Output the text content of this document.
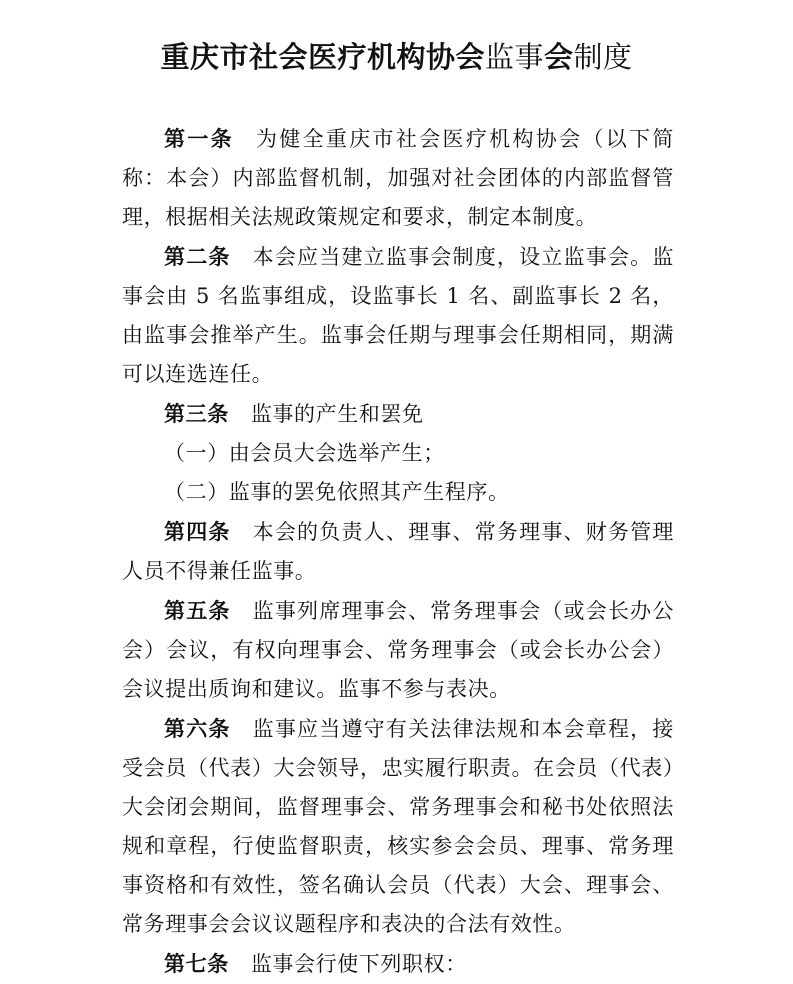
重庆市社会医疗机构协会监事会制度

第一条 为健全重庆市社会医疗机构协会（以下简称：本会）内部监督机制，加强对社会团体的内部监督管理，根据相关法规政策规定和要求，制定本制度。

第二条 本会应当建立监事会制度，设立监事会。监事会由 5 名监事组成，设监事长 1 名、副监事长 2 名，由监事会推举产生。监事会任期与理事会任期相同，期满可以连选连任。

第三条 监事的产生和罢免

（一）由会员大会选举产生；

（二）监事的罢免依照其产生程序。

第四条 本会的负责人、理事、常务理事、财务管理人员不得兼任监事。

第五条 监事列席理事会、常务理事会（或会长办公会）会议，有权向理事会、常务理事会（或会长办公会）会议提出质询和建议。监事不参与表决。

第六条 监事应当遵守有关法律法规和本会章程，接受会员（代表）大会领导，忠实履行职责。在会员（代表）大会闭会期间，监督理事会、常务理事会和秘书处依照法规和章程，行使监督职责，核实参会会员、理事、常务理事资格和有效性，签名确认会员（代表）大会、理事会、常务理事会会议议题程序和表决的合法有效性。

第七条 监事会行使下列职权：
